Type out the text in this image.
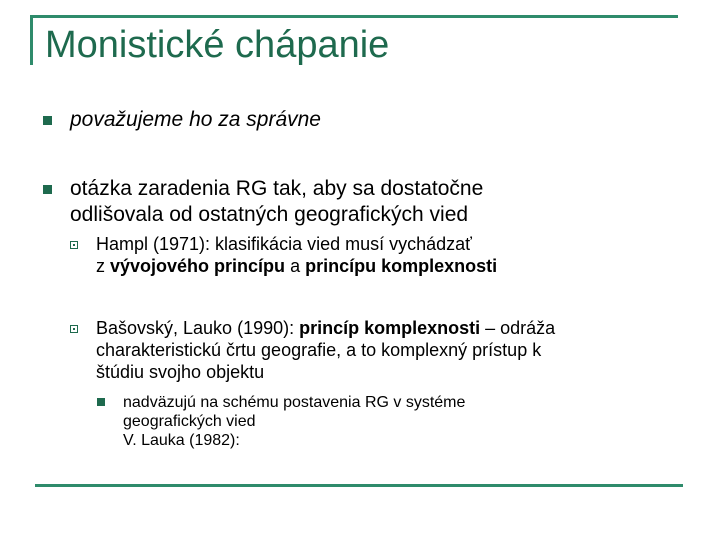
Monistické chápanie
považujeme ho za správne
otázka zaradenia RG tak, aby sa dostatočne
odlišovala od ostatných geografických vied
Hampl (1971): klasifikácia vied musí vychádzať
z vývojového princípu a princípu komplexnosti
Bašovský, Lauko (1990): princíp komplexnosti – odráža
charakteristickú črtu geografie, a to komplexný prístup k
štúdiu svojho objektu
nadväzujú na schému postavenia RG v systéme
geografických vied
V. Lauka (1982):
